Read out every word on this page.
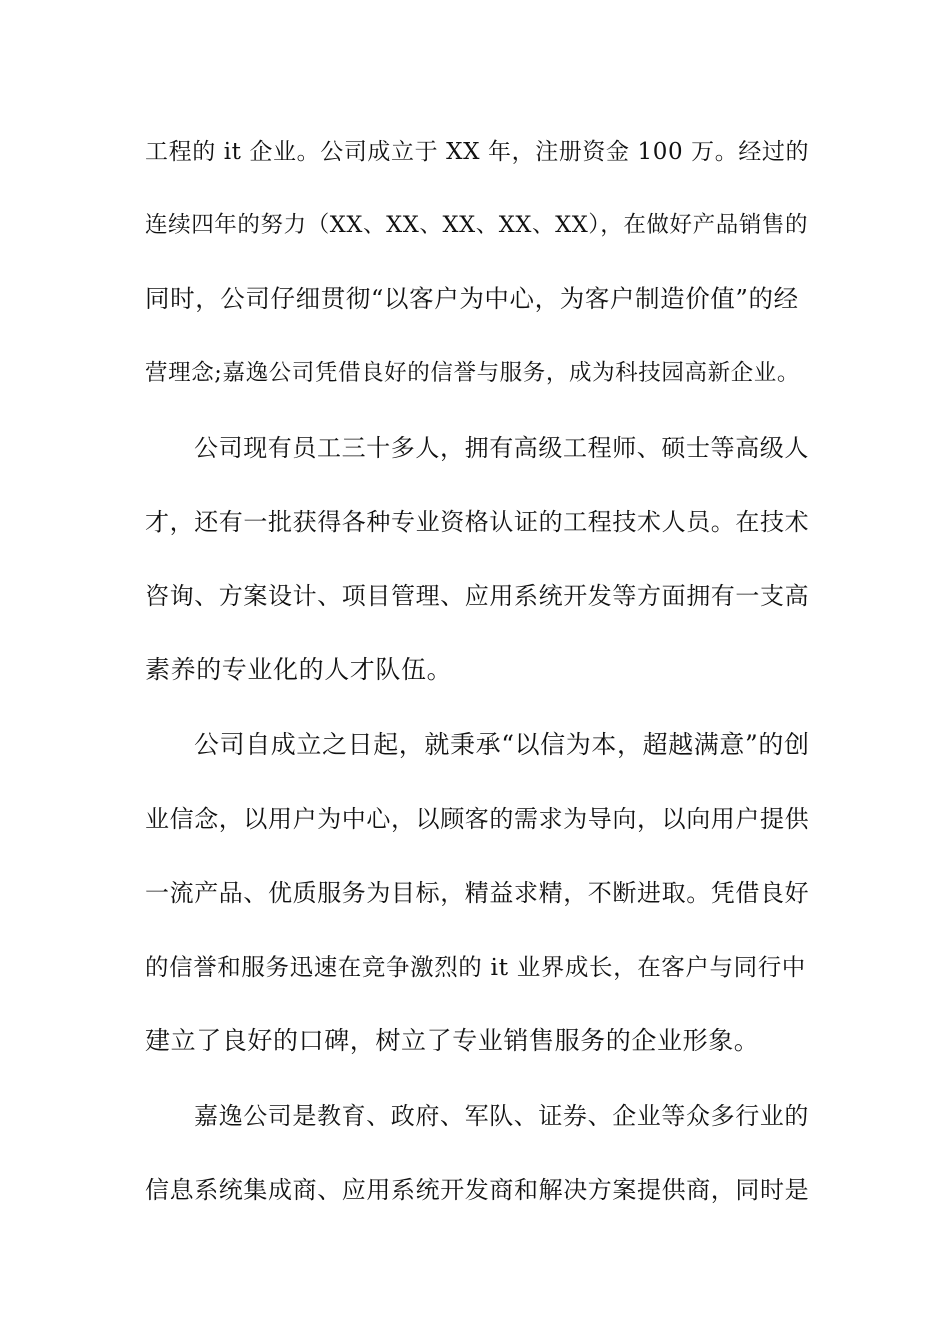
工程的 it 企业。公司成立于 XX 年，注册资金 100 万。经过的
连续四年的努力（XX、XX、XX、XX、XX），在做好产品销售的
同时，公司仔细贯彻“以客户为中心，为客户制造价值”的经
营理念;嘉逸公司凭借良好的信誉与服务，成为科技园高新企业。
公司现有员工三十多人，拥有高级工程师、硕士等高级人
才，还有一批获得各种专业资格认证的工程技术人员。在技术
咨询、方案设计、项目管理、应用系统开发等方面拥有一支高
素养的专业化的人才队伍。
公司自成立之日起，就秉承“以信为本，超越满意”的创
业信念，以用户为中心，以顾客的需求为导向，以向用户提供
一流产品、优质服务为目标，精益求精，不断进取。凭借良好
的信誉和服务迅速在竞争激烈的 it 业界成长，在客户与同行中
建立了良好的口碑，树立了专业销售服务的企业形象。
嘉逸公司是教育、政府、军队、证券、企业等众多行业的
信息系统集成商、应用系统开发商和解决方案提供商，同时是
